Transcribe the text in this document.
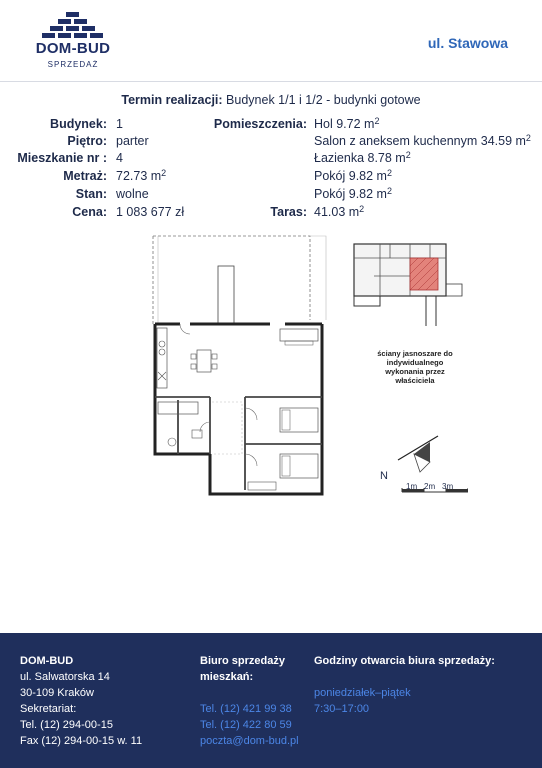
DOM-BUD
SPRZEDAŻ
ul. Stawowa
Termin realizacji: Budynek 1/1 i 1/2 - budynki gotowe
Budynek: 1
Piętro: parter
Mieszkanie nr : 4
Metraż: 72.73 $m^2$
Stan: wolne
Cena: 1 083 677 zł
Pomieszczenia: Hol 9.72 $m^2$
Salon z aneksem kuchennym 34.59 $m^2$
Łazienka 8.78 $m^2$
Pokój 9.82 $m^2$
Pokój 9.82 $m^2$
Taras: 41.03 $m^2$
ściany jasnoszare do indywidualnego wykonania przez właściciela
N
1m 2m 3m
DOM-BUD
ul. Salwatorska 14
30-109 Kraków
Sekretariat:
Tel. (12) 294-00-15
Fax (12) 294-00-15 w. 11
Biuro sprzedaży
mieszkań:
Tel. (12) 421 99 38
Tel. (12) 422 80 59
poczta@dom-bud.pl
Godziny otwarcia biura sprzedaży:
poniedziałek–piątek
7:30–17:00
